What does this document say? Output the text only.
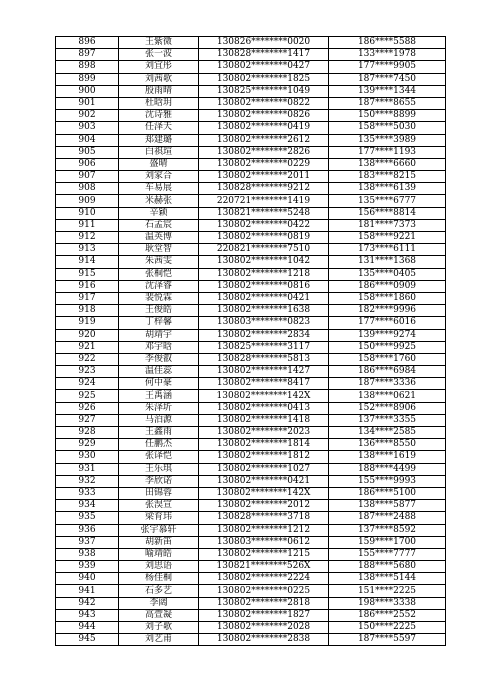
896	王紫微	130826********0020	186****5588
897	张一波	130828********1417	133****1978
898	刘宜彤	130802********0427	177****9905
899	刘茜歌	130802********1825	187****7450
900	殷雨晴	130825********1049	139****1344
901	杜晗玥	130802********0822	187****8655
902	沈诗雅	130802********0826	150****8899
903	任泽天	130802********0419	158****5030
904	郑建璐	130802********2612	135****3989
905	白祺瑄	130802********2826	177****1193
906	盛晴	130802********0229	138****6660
907	刘家合	130802********2011	183****8215
908	车易展	130828********9212	138****6139
909	米赫张	220721********1419	135****6777
910	辛颖	130821********5248	156****8814
911	石孟宸	130802********0422	181****7373
912	温英博	130802********0819	158****9221
913	耿堂智	220821********7510	173****6111
914	朱茜雯	130802********1042	131****1368
915	张桐恺	130802********1218	135****0405
916	沈泽睿	130802********0816	186****0909
917	裴悦霖	130802********0421	158****1860
918	王俊皓	130802********1638	182****9996
919	丁梓馨	130803********0823	177****6016
920	胡靖宇	130802********2834	139****9274
921	邓宇晗	130825********3117	150****9925
922	李俊叡	130828********5813	158****1760
923	温佳蕊	130802********1427	186****6984
924	何中豪	130802********8417	187****3336
925	王禹涵	130802********142X	138****0621
926	朱泽圻	130802********0413	152****8906
927	马泊源	130802********1418	137****3355
928	王鑫雨	130802********2023	134****2585
929	任鹏杰	130802********1814	136****8550
930	张译恺	130802********1812	138****1619
931	王乐琪	130802********1027	188****4499
932	李欣诺	130802********0421	155****9993
933	田锦蓉	130802********142X	186****5100
934	张淏宣	130802********2012	138****5877
935	梁育玮	130828********3718	187****2488
936	张宇慕轩	130802********1212	137****8592
937	胡新笛	130803********0612	159****1700
938	喻靖皓	130802********1215	155****7777
939	刘思语	130821********526X	188****5680
940	杨佳桐	130802********2224	138****5144
941	石多艺	130802********0225	151****2225
942	李阔	130802********2818	198****3338
943	高萱凝	130802********1827	186****2552
944	刘子歌	130802********2028	150****2225
945	刘艺甫	130802********2838	187****5597
